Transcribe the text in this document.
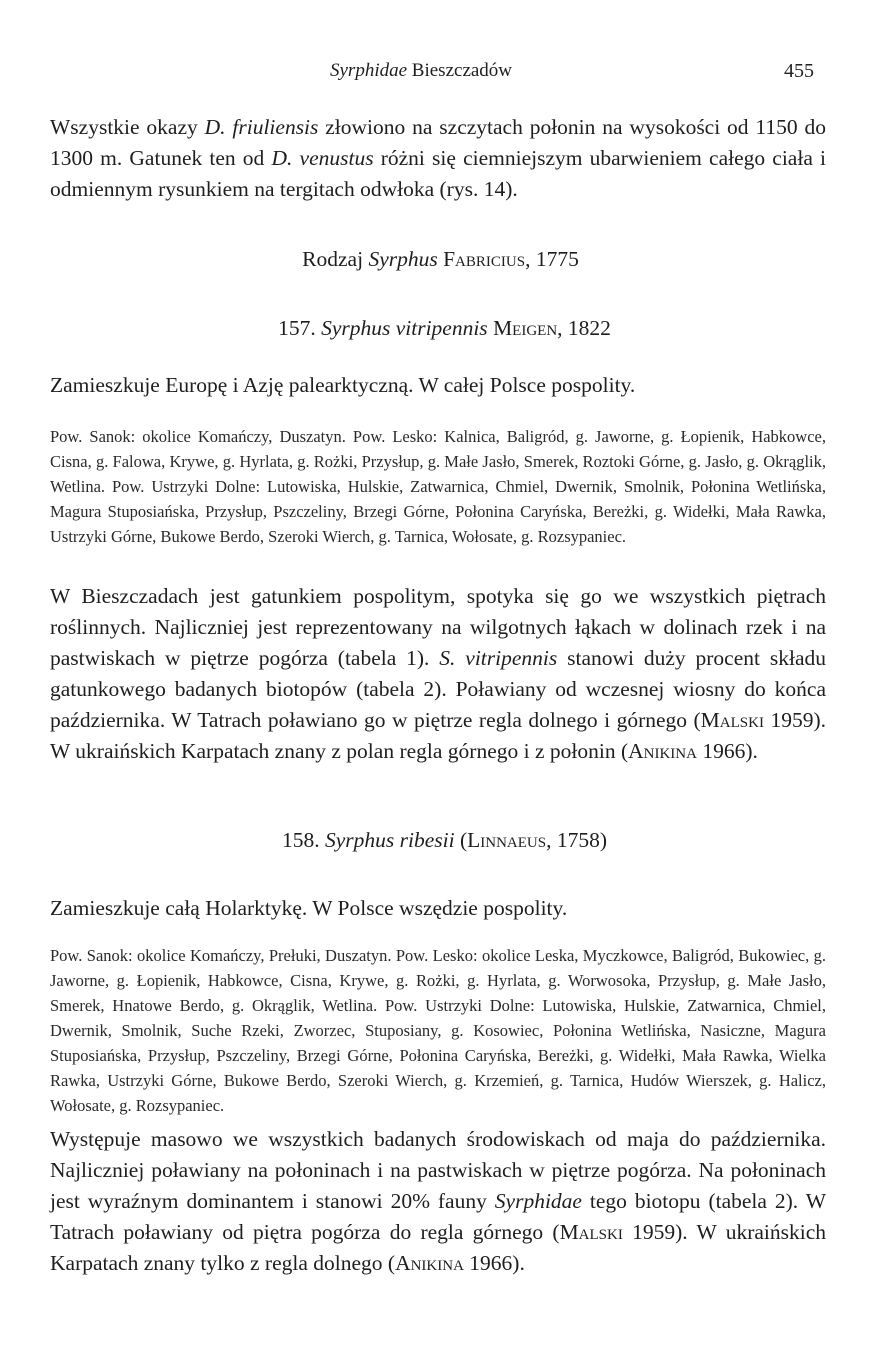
Syrphidae Bieszczadów	455
Wszystkie okazy D. friuliensis złowiono na szczytach połonin na wysokości od 1150 do 1300 m. Gatunek ten od D. venustus różni się ciemniejszym ubarwieniem całego ciała i odmiennym rysunkiem na tergitach odwłoka (rys. 14).
Rodzaj Syrphus Fabricius, 1775
157. Syrphus vitripennis Meigen, 1822
Zamieszkuje Europę i Azję palearktyczną. W całej Polsce pospolity.
Pow. Sanok: okolice Komańczy, Duszatyn. Pow. Lesko: Kalnica, Baligród, g. Jaworne, g. Łopienik, Habkowce, Cisna, g. Falowa, Krywe, g. Hyrlata, g. Rożki, Przysłup, g. Małe Jasło, Smerek, Roztoki Górne, g. Jasło, g. Okrąglik, Wetlina. Pow. Ustrzyki Dolne: Lutowiska, Hulskie, Zatwarnica, Chmiel, Dwernik, Smolnik, Połonina Wetlińska, Magura Stuposiańska, Przysłup, Pszczeliny, Brzegi Górne, Połonina Caryńska, Bereżki, g. Widełki, Mała Rawka, Ustrzyki Górne, Bukowe Berdo, Szeroki Wierch, g. Tarnica, Wołosate, g. Rozsypaniec.
W Bieszczadach jest gatunkiem pospolitym, spotyka się go we wszystkich piętrach roślinnych. Najliczniej jest reprezentowany na wilgotnych łąkach w dolinach rzek i na pastwiskach w piętrze pogórza (tabela 1). S. vitripennis stanowi duży procent składu gatunkowego badanych biotopów (tabela 2). Poławiany od wczesnej wiosny do końca października. W Tatrach poławiano go w piętrze regla dolnego i górnego (Malski 1959). W ukraińskich Karpatach znany z polan regla górnego i z połonin (Anikina 1966).
158. Syrphus ribesii (Linnaeus, 1758)
Zamieszkuje całą Holarktykę. W Polsce wszędzie pospolity.
Pow. Sanok: okolice Komańczy, Prełuki, Duszatyn. Pow. Lesko: okolice Leska, Myczkowce, Baligród, Bukowiec, g. Jaworne, g. Łopienik, Habkowce, Cisna, Krywe, g. Rożki, g. Hyrlata, g. Worwosoka, Przysłup, g. Małe Jasło, Smerek, Hnatowe Berdo, g. Okrąglik, Wetlina. Pow. Ustrzyki Dolne: Lutowiska, Hulskie, Zatwarnica, Chmiel, Dwernik, Smolnik, Suche Rzeki, Zworzec, Stuposiany, g. Kosowiec, Połonina Wetlińska, Nasiczne, Magura Stuposiańska, Przysłup, Pszczeliny, Brzegi Górne, Połonina Caryńska, Bereżki, g. Widełki, Mała Rawka, Wielka Rawka, Ustrzyki Górne, Bukowe Berdo, Szeroki Wierch, g. Krzemień, g. Tarnica, Hudów Wierszek, g. Halicz, Wołosate, g. Rozsypaniec.
Występuje masowo we wszystkich badanych środowiskach od maja do października. Najliczniej poławiany na połoninach i na pastwiskach w piętrze pogórza. Na połoninach jest wyraźnym dominantem i stanowi 20% fauny Syrphidae tego biotopu (tabela 2). W Tatrach poławiany od piętra pogórza do regla górnego (Malski 1959). W ukraińskich Karpatach znany tylko z regla dolnego (Anikina 1966).
